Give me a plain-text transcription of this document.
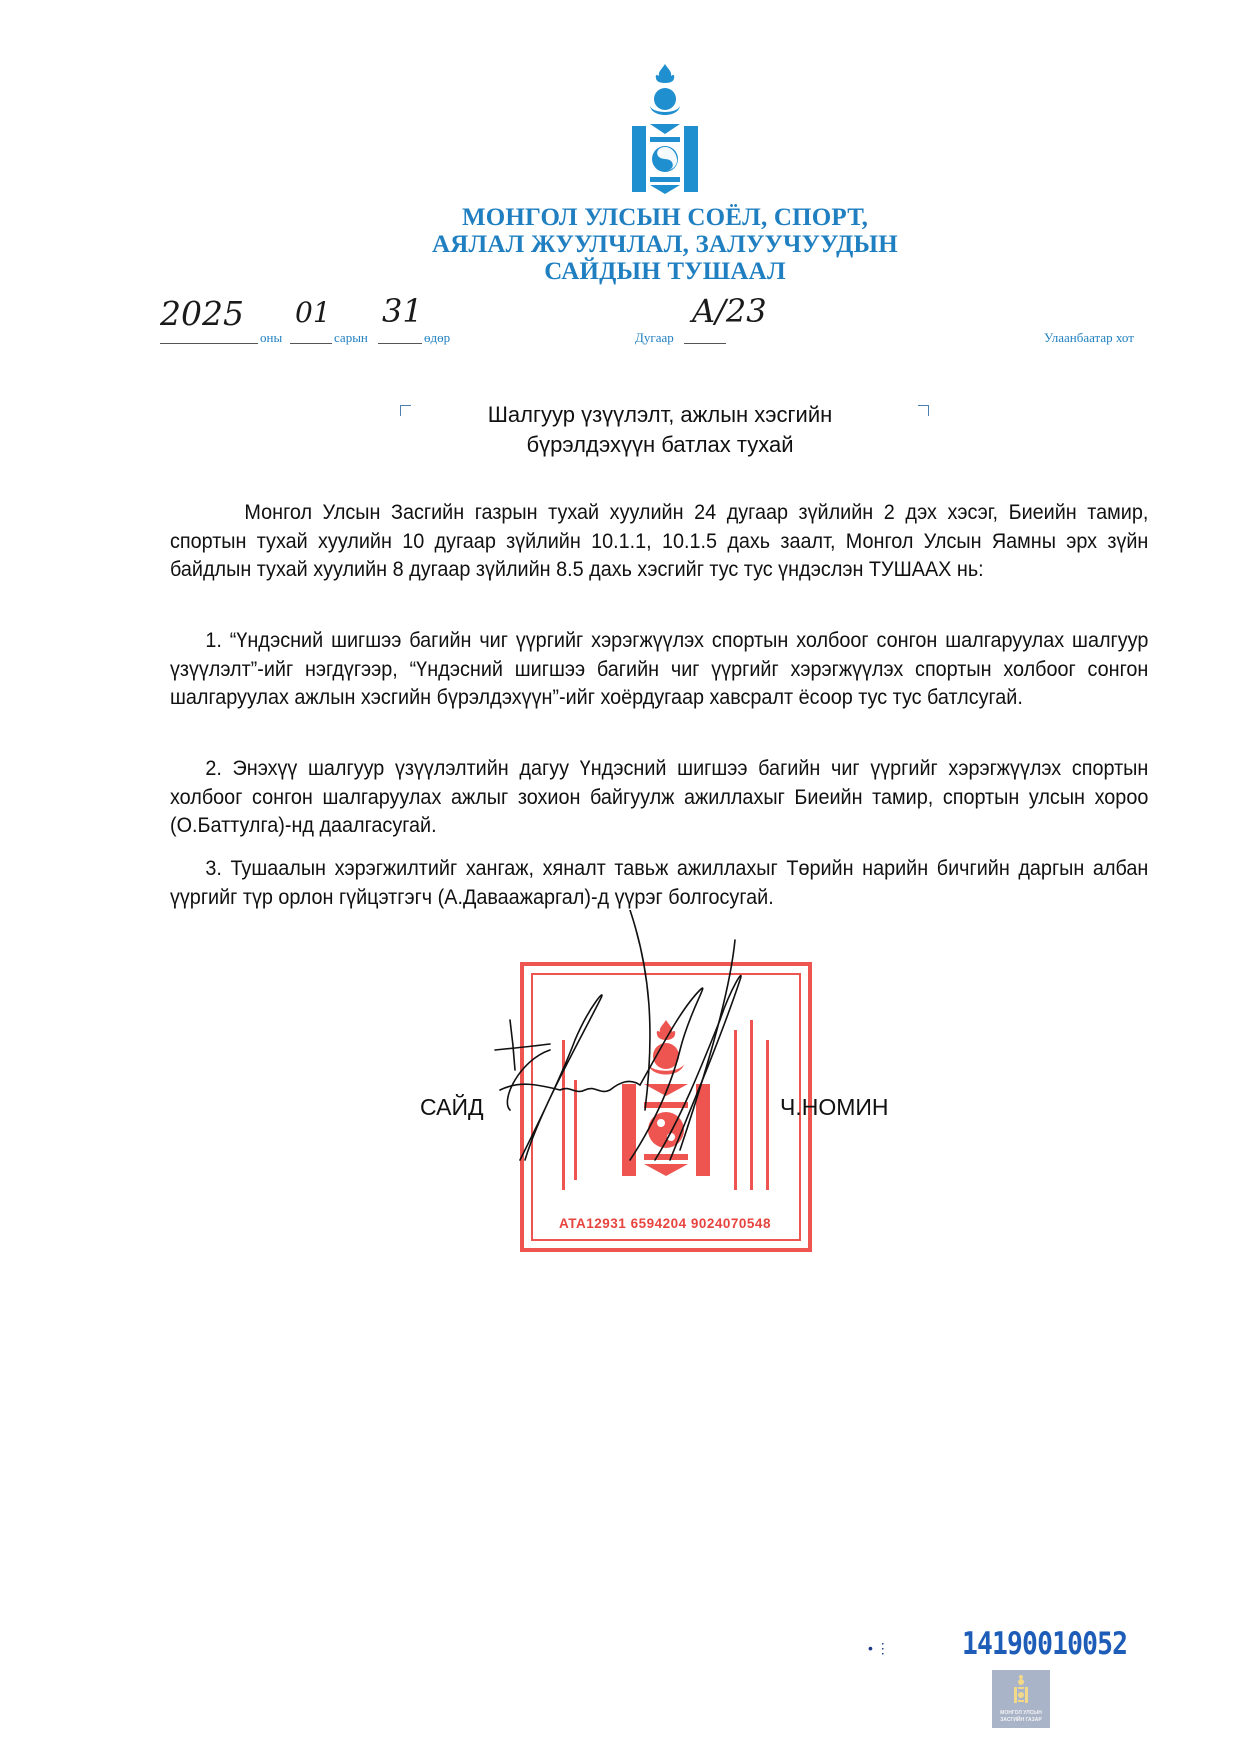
МОНГОЛ УЛСЫН СОЁЛ, СПОРТ,
АЯЛАЛ ЖУУЛЧЛАЛ, ЗАЛУУЧУУДЫН
САЙДЫН ТУШААЛ
2025
оны
01
сарын
31
өдөр	Дугаар
A/23
Улаанбаатар хот
Шалгуур үзүүлэлт, ажлын хэсгийн
бүрэлдэхүүн батлах тухай

Монгол Улсын Засгийн газрын тухай хуулийн 24 дугаар зүйлийн 2 дэх хэсэг, Биеийн тамир, спортын тухай хуулийн 10 дугаар зүйлийн 10.1.1, 10.1.5 дахь заалт, Монгол Улсын Яамны эрх зүйн байдлын тухай хуулийн 8 дугаар зүйлийн 8.5 дахь хэсгийг тус тус үндэслэн ТУШААХ нь:

1. “Үндэсний шигшээ багийн чиг үүргийг хэрэгжүүлэх спортын холбоог сонгон шалгаруулах шалгуур үзүүлэлт”-ийг нэгдүгээр, “Үндэсний шигшээ багийн чиг үүргийг хэрэгжүүлэх спортын холбоог сонгон шалгаруулах ажлын хэсгийн бүрэлдэхүүн”-ийг хоёрдугаар хавсралт ёсоор тус тус батлсугай.

2. Энэхүү шалгуур үзүүлэлтийн дагуу Үндэсний шигшээ багийн чиг үүргийг хэрэгжүүлэх спортын холбоог сонгон шалгаруулах ажлыг зохион байгуулж ажиллахыг Биеийн тамир, спортын улсын хороо (О.Баттулга)-нд даалгасугай.

3. Тушаалын хэрэгжилтийг хангаж, хяналт тавьж ажиллахыг Төрийн нарийн бичгийн даргын албан үүргийг түр орлон гүйцэтгэгч (А.Даваажаргал)-д үүрэг болгосугай.

ATA12931 6594204 9024070548
САЙД	Ч.НОМИН
• ⋮ 14190010052
МОНГОЛ УЛСЫН
ЗАСГИЙН ГАЗАР
